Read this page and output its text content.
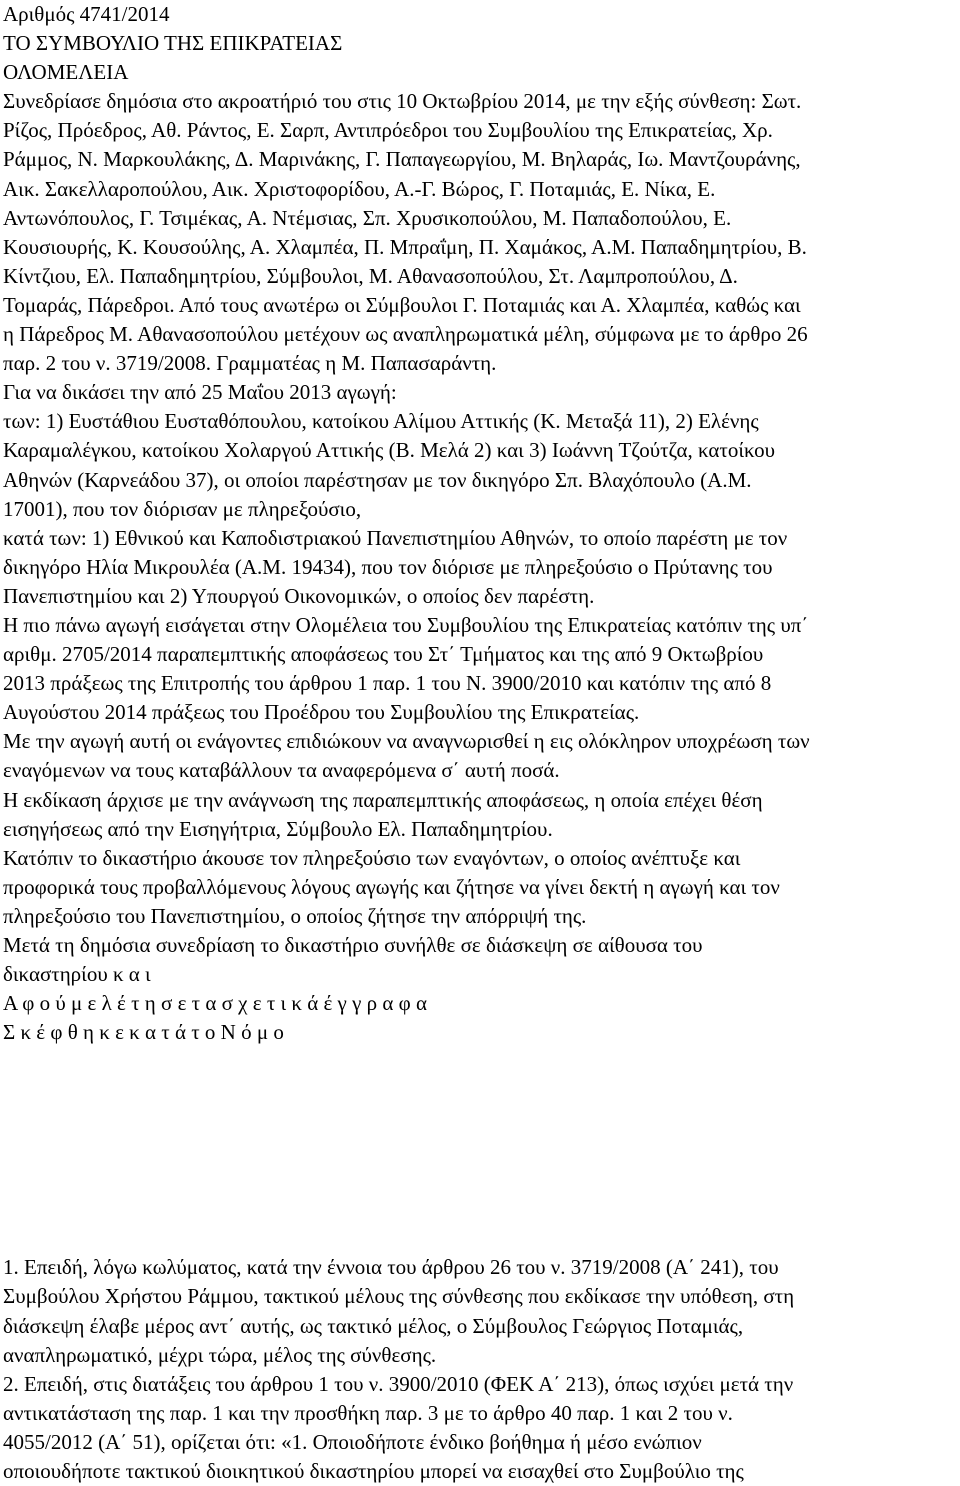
Αριθμός 4741/2014
ΤΟ ΣΥΜΒΟΥΛΙΟ ΤΗΣ ΕΠΙΚΡΑΤΕΙΑΣ
ΟΛΟΜΕΛΕΙΑ
Συνεδρίασε δημόσια στο ακροατήριό του στις 10 Οκτωβρίου 2014, με την εξής σύνθεση: Σωτ.
Ρίζος, Πρόεδρος, Αθ. Ράντος, Ε. Σαρπ, Αντιπρόεδροι του Συμβουλίου της Επικρατείας, Χρ.
Ράμμος, Ν. Μαρκουλάκης, Δ. Μαρινάκης, Γ. Παπαγεωργίου, Μ. Βηλαράς, Ιω. Μαντζουράνης,
Αικ. Σακελλαροπούλου, Αικ. Χριστοφορίδου, Α.-Γ. Βώρος, Γ. Ποταμιάς, Ε. Νίκα, Ε.
Αντωνόπουλος, Γ. Τσιμέκας, Α. Ντέμσιας, Σπ. Χρυσικοπούλου, Μ. Παπαδοπούλου, Ε.
Κουσιουρής, Κ. Κουσούλης, Α. Χλαμπέα, Π. Μπραΐμη, Π. Χαμάκος, Α.Μ. Παπαδημητρίου, Β.
Κίντζιου, Ελ. Παπαδημητρίου, Σύμβουλοι, Μ. Αθανασοπούλου, Στ. Λαμπροπούλου, Δ.
Τομαράς, Πάρεδροι. Από τους ανωτέρω οι Σύμβουλοι Γ. Ποταμιάς και Α. Χλαμπέα, καθώς και
η Πάρεδρος Μ. Αθανασοπούλου μετέχουν ως αναπληρωματικά μέλη, σύμφωνα με το άρθρο 26
παρ. 2 του ν. 3719/2008. Γραμματέας η Μ. Παπασαράντη.
Για να δικάσει την από 25 Μαΐου 2013 αγωγή:
των: 1) Ευστάθιου Ευσταθόπουλου, κατοίκου Αλίμου Αττικής (Κ. Μεταξά 11), 2) Ελένης
Καραμαλέγκου, κατοίκου Χολαργού Αττικής (Β. Μελά 2) και 3) Ιωάννη Τζούτζα, κατοίκου
Αθηνών (Καρνεάδου 37), οι οποίοι παρέστησαν με τον δικηγόρο Σπ. Βλαχόπουλο (Α.Μ.
17001), που τον διόρισαν με πληρεξούσιο,
κατά των: 1) Εθνικού και Καποδιστριακού Πανεπιστημίου Αθηνών, το οποίο παρέστη με τον
δικηγόρο Ηλία Μικρουλέα (Α.Μ. 19434), που τον διόρισε με πληρεξούσιο ο Πρύτανης του
Πανεπιστημίου και 2) Υπουργού Οικονομικών, ο οποίος δεν παρέστη.
Η πιο πάνω αγωγή εισάγεται στην Ολομέλεια του Συμβουλίου της Επικρατείας κατόπιν της υπ΄
αριθμ. 2705/2014 παραπεμπτικής αποφάσεως του Στ΄ Τμήματος και της από 9 Οκτωβρίου
2013 πράξεως της Επιτροπής του άρθρου 1 παρ. 1 του Ν. 3900/2010 και κατόπιν της από 8
Αυγούστου 2014 πράξεως του Προέδρου του Συμβουλίου της Επικρατείας.
Με την αγωγή αυτή οι ενάγοντες επιδιώκουν να αναγνωρισθεί η εις ολόκληρον υποχρέωση των
εναγόμενων να τους καταβάλλουν τα αναφερόμενα σ΄ αυτή ποσά.
Η εκδίκαση άρχισε με την ανάγνωση της παραπεμπτικής αποφάσεως, η οποία επέχει θέση
εισηγήσεως από την Εισηγήτρια, Σύμβουλο Ελ. Παπαδημητρίου.
Κατόπιν το δικαστήριο άκουσε τον πληρεξούσιο των εναγόντων, ο οποίος ανέπτυξε και
προφορικά τους προβαλλόμενους λόγους αγωγής και ζήτησε να γίνει δεκτή η αγωγή και τον
πληρεξούσιο του Πανεπιστημίου, ο οποίος ζήτησε την απόρριψή της.
Μετά τη δημόσια συνεδρίαση το δικαστήριο συνήλθε σε διάσκεψη σε αίθουσα του
δικαστηρίου κ α ι
Α φ ο ύ μ ε λ έ τ η σ ε τ α σ χ ε τ ι κ ά έ γ γ ρ α φ α
Σ κ έ φ θ η κ ε κ α τ ά τ ο Ν ό μ ο
1. Επειδή, λόγω κωλύματος, κατά την έννοια του άρθρου 26 του ν. 3719/2008 (Α΄ 241), του
Συμβούλου Χρήστου Ράμμου, τακτικού μέλους της σύνθεσης που εκδίκασε την υπόθεση, στη
διάσκεψη έλαβε μέρος αντ΄ αυτής, ως τακτικό μέλος, ο Σύμβουλος Γεώργιος Ποταμιάς,
αναπληρωματικό, μέχρι τώρα, μέλος της σύνθεσης.
2. Επειδή, στις διατάξεις του άρθρου 1 του ν. 3900/2010 (ΦΕΚ Α΄ 213), όπως ισχύει μετά την
αντικατάσταση της παρ. 1 και την προσθήκη παρ. 3 με το άρθρο 40 παρ. 1 και 2 του ν.
4055/2012 (Α΄ 51), ορίζεται ότι: «1. Οποιοδήποτε ένδικο βοήθημα ή μέσο ενώπιον
οποιουδήποτε τακτικού διοικητικού δικαστηρίου μπορεί να εισαχθεί στο Συμβούλιο της
